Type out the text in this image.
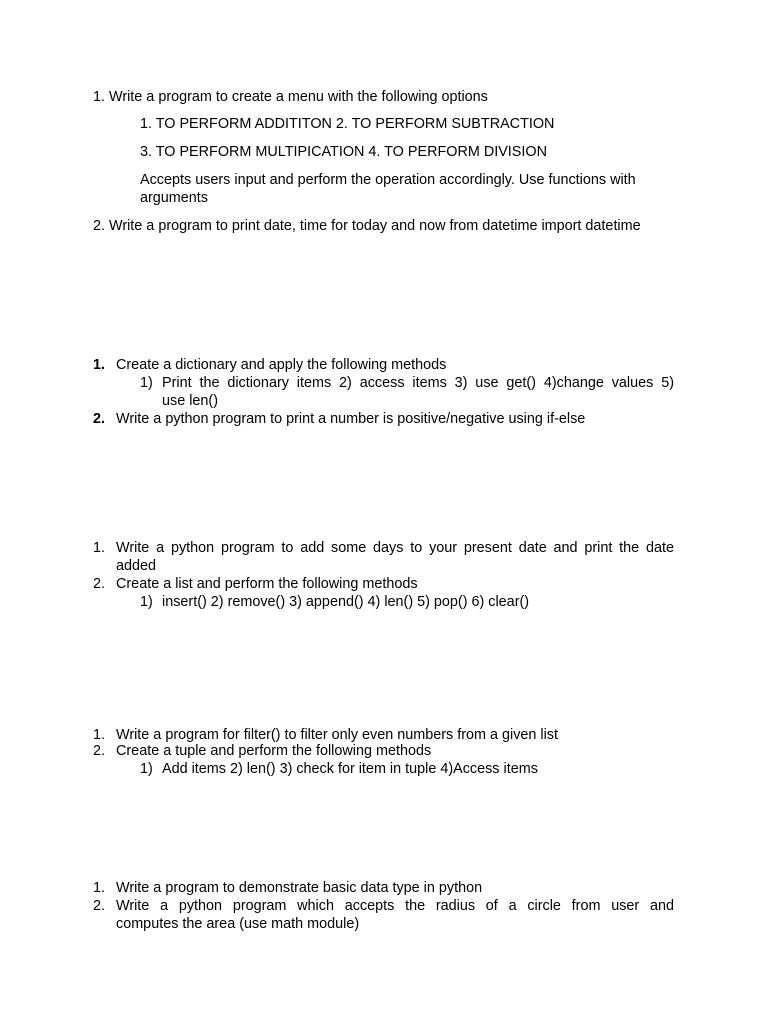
1. Write a program to create a menu with the following options
1. TO PERFORM ADDITITON 2. TO PERFORM SUBTRACTION
3. TO PERFORM MULTIPICATION 4. TO PERFORM DIVISION
Accepts users input and perform the operation accordingly. Use functions with
arguments
2. Write a program to print date, time for today and now from datetime import datetime
1. Create a dictionary and apply the following methods
1) Print the dictionary items 2) access items 3) use get() 4)change values 5)
use len()
2. Write a python program to print a number is positive/negative using if-else
1. Write a python program to add some days to your present date and print the date
added
2. Create a list and perform the following methods
1) insert() 2) remove() 3) append() 4) len() 5) pop() 6) clear()
1. Write a program for filter() to filter only even numbers from a given list
2. Create a tuple and perform the following methods
1) Add items 2) len() 3) check for item in tuple 4)Access items
1. Write a program to demonstrate basic data type in python
2. Write a python program which accepts the radius of a circle from user and
computes the area (use math module)
